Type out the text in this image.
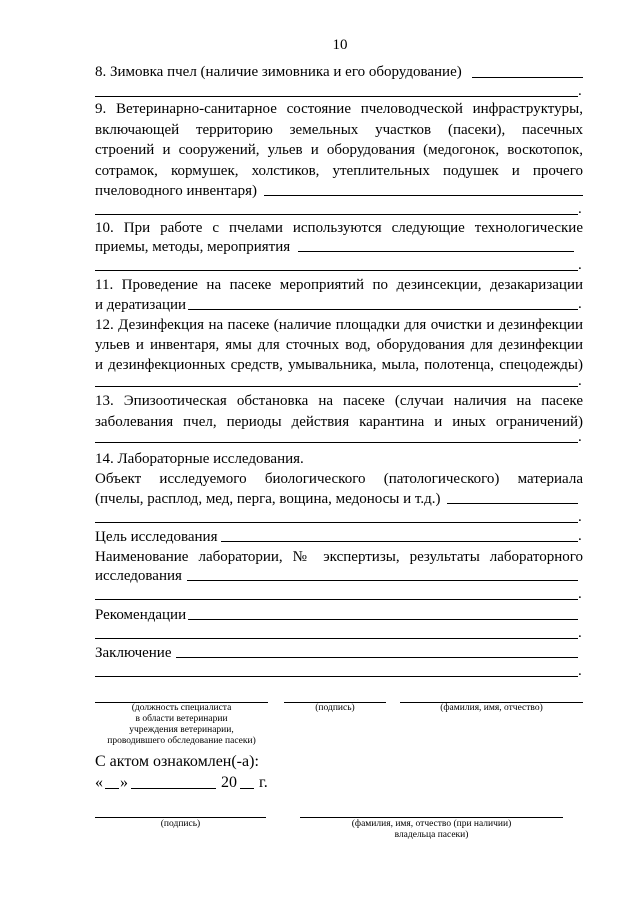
10
8. Зимовка пчел (наличие зимовника и его оборудование)
.
9. Ветеринарно-санитарное состояние пчеловодческой инфраструктуры,
включающей территорию земельных участков (пасеки), пасечных
строений и сооружений, ульев и оборудования (медогонок, воскотопок,
сотрамок, кормушек, холстиков, утеплительных подушек и прочего
пчеловодного инвентаря)
.
10. При работе с пчелами используются следующие технологические
приемы, методы, мероприятия
.
11. Проведение на пасеке мероприятий по дезинсекции, дезакаризации
и дератизации	.
12. Дезинфекция на пасеке (наличие площадки для очистки и дезинфекции
ульев и инвентаря, ямы для сточных вод, оборудования для дезинфекции
и дезинфекционных средств, умывальника, мыла, полотенца, спецодежды)
.
13. Эпизоотическая обстановка на пасеке (случаи наличия на пасеке
заболевания пчел, периоды действия карантина и иных ограничений)
.
14. Лабораторные исследования.
Объект исследуемого биологического (патологического) материала
(пчелы, расплод, мед, перга, вощина, медоносы и т.д.)
.
Цель исследования	.
Наименование лаборатории, № экспертизы, результаты лабораторного
исследования
.
Рекомендации
.
Заключение
.
(должность специалиста
в области ветеринарии
учреждения ветеринарии,
проводившего обследование пасеки)
(подпись)	(фамилия, имя, отчество)
С актом ознакомлен(-а):
« »	20 г.
(подпись)	(фамилия, имя, отчество (при наличии)
владельца пасеки)
